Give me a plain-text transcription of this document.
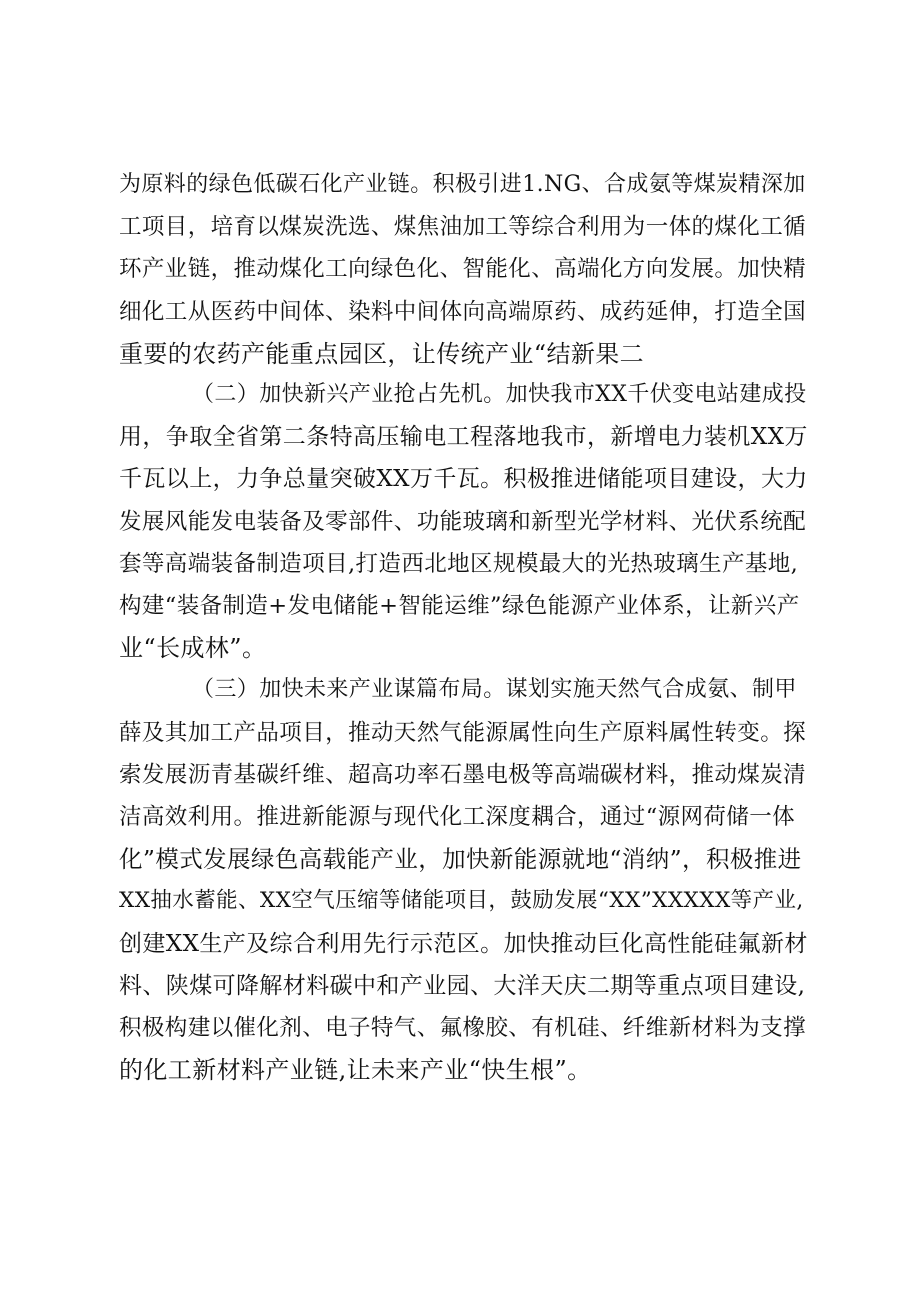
为原料的绿色低碳石化产业链。积极引进1.NG、合成氨等煤炭精深加
工项目，培育以煤炭洗选、煤焦油加工等综合利用为一体的煤化工循
环产业链，推动煤化工向绿色化、智能化、高端化方向发展。加快精
细化工从医药中间体、染料中间体向高端原药、成药延伸，打造全国
重要的农药产能重点园区，让传统产业“结新果二
（二）加快新兴产业抢占先机。加快我市XX千伏变电站建成投
用，争取全省第二条特高压输电工程落地我市，新增电力装机XX万
千瓦以上，力争总量突破XX万千瓦。积极推进储能项目建设，大力
发展风能发电装备及零部件、功能玻璃和新型光学材料、光伏系统配
套等高端装备制造项目,打造西北地区规模最大的光热玻璃生产基地,
构建“装备制造+发电储能+智能运维”绿色能源产业体系，让新兴产
业“长成林”。
（三）加快未来产业谋篇布局。谋划实施天然气合成氨、制甲
薛及其加工产品项目，推动天然气能源属性向生产原料属性转变。探
索发展沥青基碳纤维、超高功率石墨电极等高端碳材料，推动煤炭清
洁高效利用。推进新能源与现代化工深度耦合，通过“源网荷储一体
化”模式发展绿色高载能产业，加快新能源就地“消纳”，积极推进
XX抽水蓄能、XX空气压缩等储能项目，鼓励发展“XX”XXXXX等产业,
创建XX生产及综合利用先行示范区。加快推动巨化高性能硅氟新材
料、陕煤可降解材料碳中和产业园、大洋天庆二期等重点项目建设,
积极构建以催化剂、电子特气、氟橡胶、有机硅、纤维新材料为支撑
的化工新材料产业链,让未来产业“快生根”。
